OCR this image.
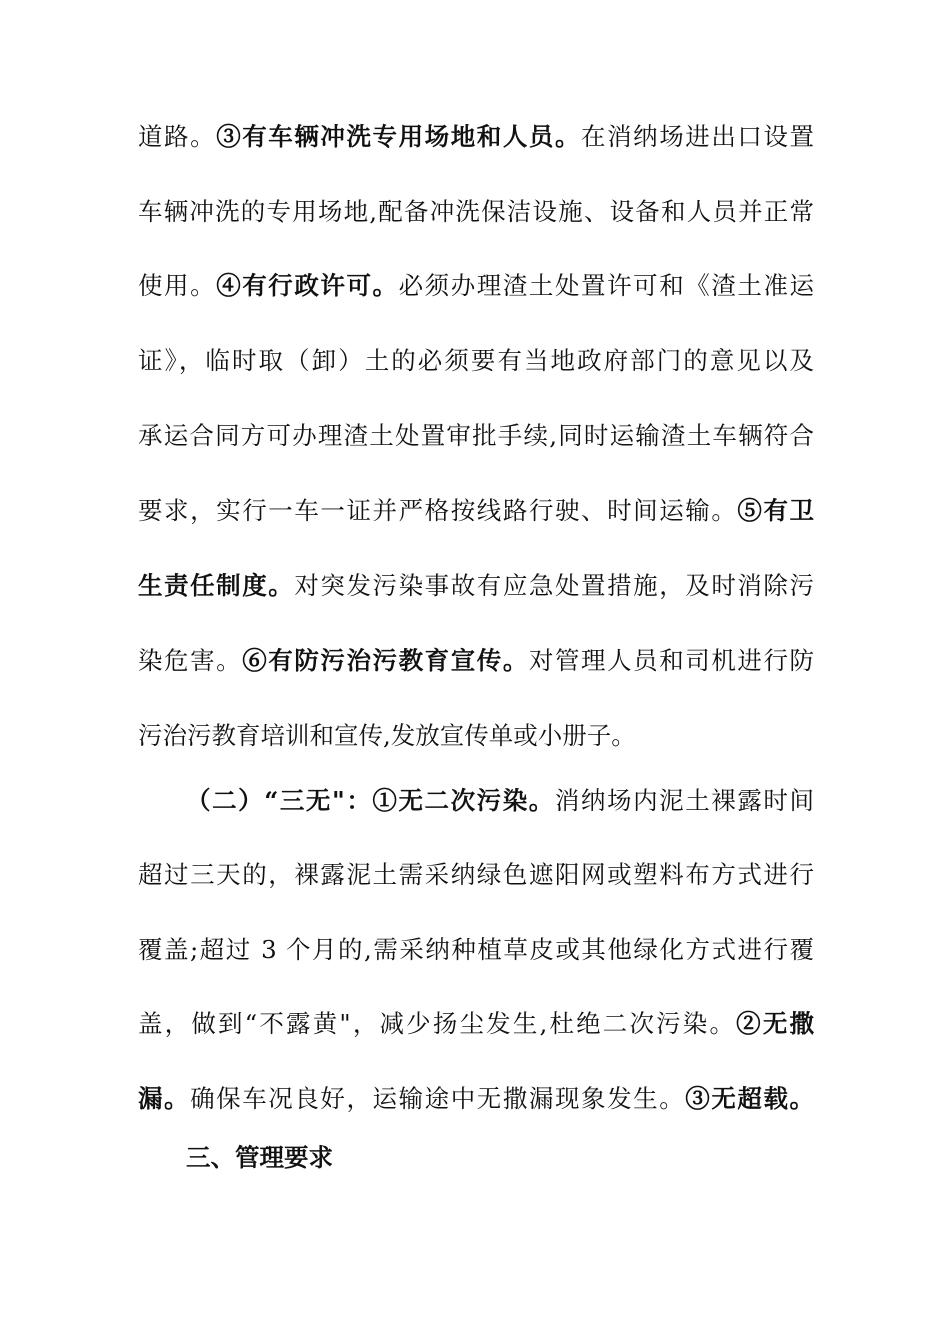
道路。③有车辆冲洗专用场地和人员。在消纳场进出口设置
车辆冲洗的专用场地,配备冲洗保洁设施、设备和人员并正常
使用。④有行政许可。必须办理渣土处置许可和《渣土准运
证》，临时取（卸）土的必须要有当地政府部门的意见以及
承运合同方可办理渣土处置审批手续,同时运输渣土车辆符合
要求，实行一车一证并严格按线路行驶、时间运输。⑤有卫
生责任制度。对突发污染事故有应急处置措施，及时消除污
染危害。⑥有防污治污教育宣传。对管理人员和司机进行防
污治污教育培训和宣传,发放宣传单或小册子。
（二）“三无"：①无二次污染。消纳场内泥土裸露时间
超过三天的，裸露泥土需采纳绿色遮阳网或塑料布方式进行
覆盖;超过 3 个月的,需采纳种植草皮或其他绿化方式进行覆
盖，做到“不露黄"，减少扬尘发生,杜绝二次污染。②无撒
漏。确保车况良好，运输途中无撒漏现象发生。③无超载。
三、管理要求
